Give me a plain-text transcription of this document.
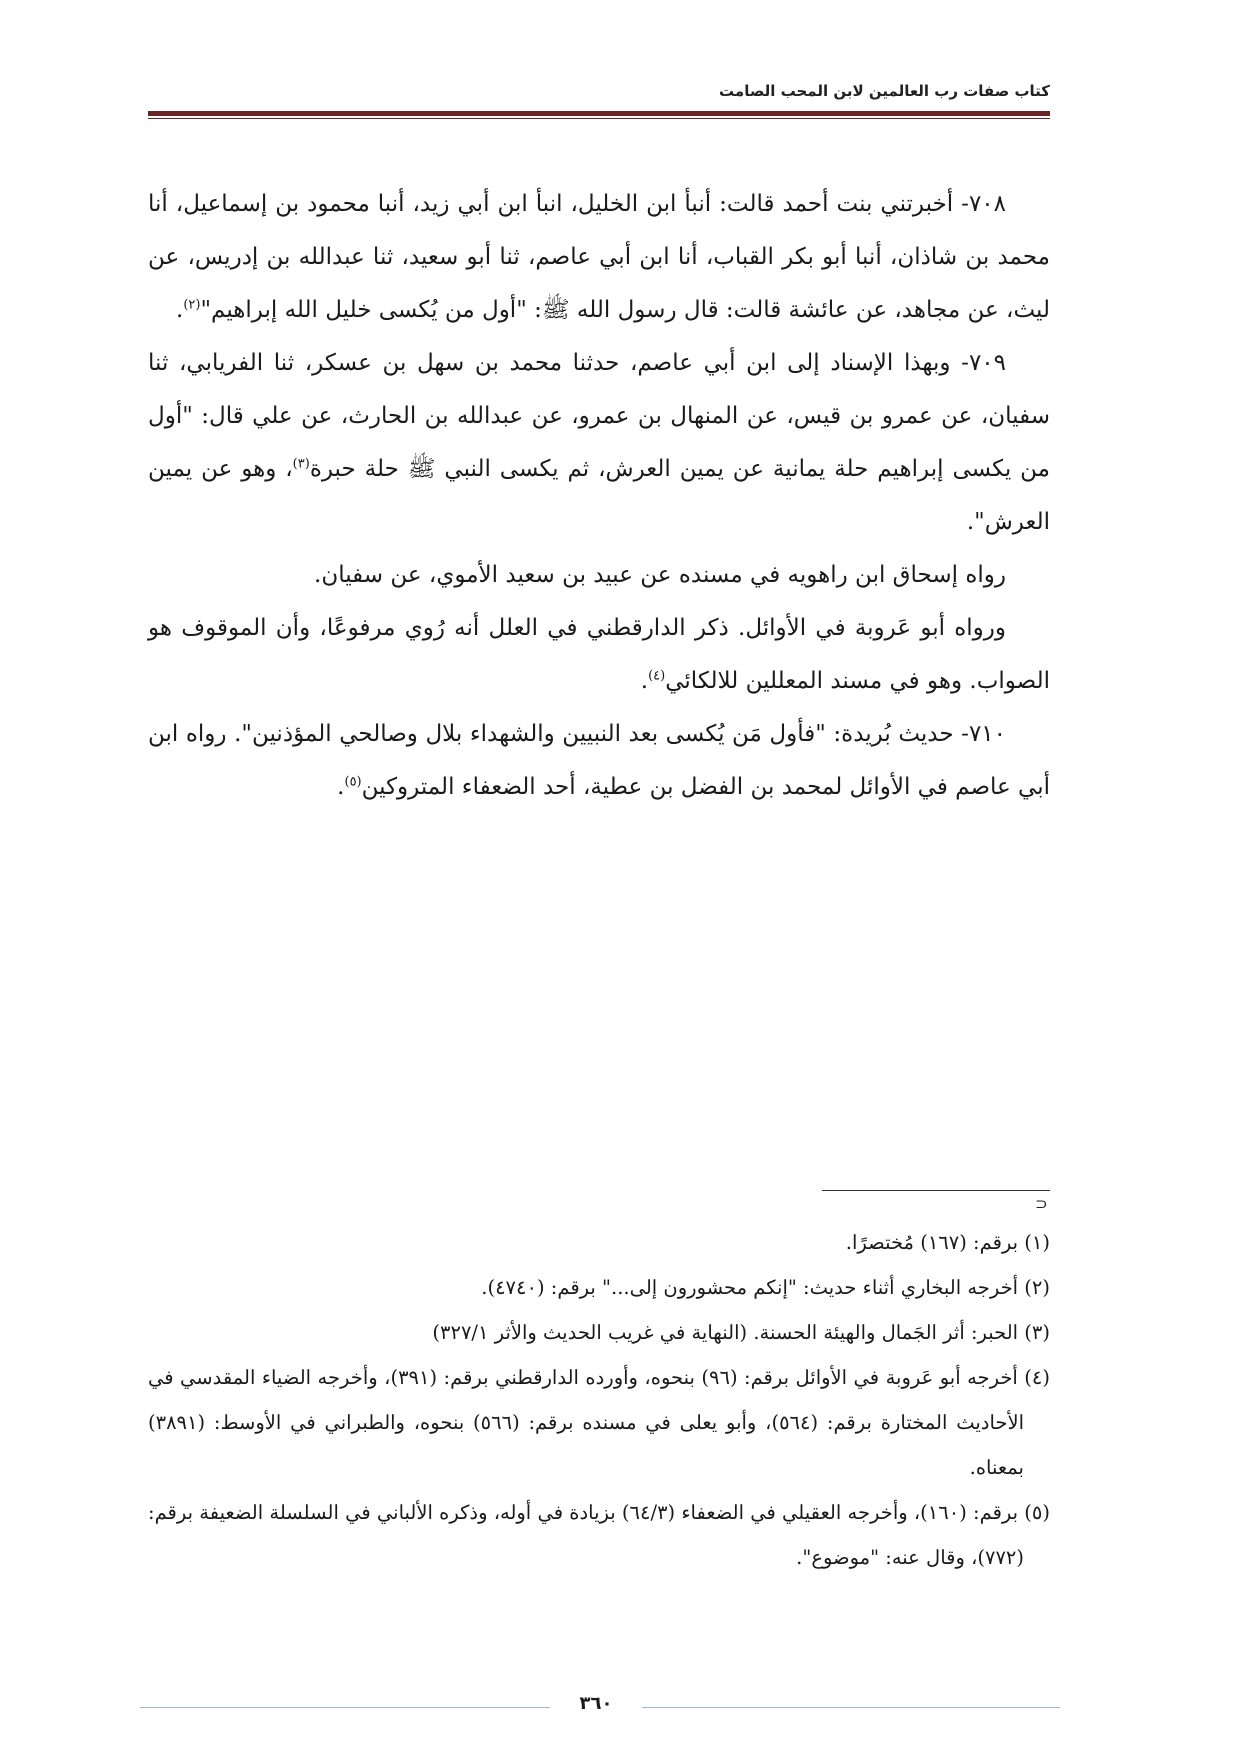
كتاب صفات رب العالمين لابن المحب الصامت

٧٠٨- أخبرتني بنت أحمد قالت: أنبأ ابن الخليل، انبأ ابن أبي زيد، أنبا محمود بن إسماعيل، أنا محمد بن شاذان، أنبا أبو بكر القباب، أنا ابن أبي عاصم، ثنا أبو سعيد، ثنا عبدالله بن إدريس، عن ليث، عن مجاهد، عن عائشة قالت: قال رسول الله ﷺ: "أول من يُكسى خليل الله إبراهيم"$^{(٢)}$.

٧٠٩- وبهذا الإسناد إلى ابن أبي عاصم، حدثنا محمد بن سهل بن عسكر، ثنا الفريابي، ثنا سفيان، عن عمرو بن قيس، عن المنهال بن عمرو، عن عبدالله بن الحارث، عن علي قال: "أول من يكسى إبراهيم حلة يمانية عن يمين العرش، ثم يكسى النبي ﷺ حلة حبرة$^{(٣)}$، وهو عن يمين العرش".

رواه إسحاق ابن راهويه في مسنده عن عبيد بن سعيد الأموي، عن سفيان.

ورواه أبو عَروبة في الأوائل. ذكر الدارقطني في العلل أنه رُوي مرفوعًا، وأن الموقوف هو الصواب. وهو في مسند المعللين للالكائي$^{(٤)}$.

٧١٠- حديث بُريدة: "فأول مَن يُكسى بعد النبيين والشهداء بلال وصالحي المؤذنين". رواه ابن أبي عاصم في الأوائل لمحمد بن الفضل بن عطية، أحد الضعفاء المتروكين$^{(٥)}$.

ﬤ
(١) برقم: (١٦٧) مُختصرًا.
(٢) أخرجه البخاري أثناء حديث: "إنكم محشورون إلى..." برقم: (٤٧٤٠).
(٣) الحبر: أثر الجَمال والهيئة الحسنة. (النهاية في غريب الحديث والأثر ٣٢٧/١)
(٤) أخرجه أبو عَروبة في الأوائل برقم: (٩٦) بنحوه، وأورده الدارقطني برقم: (٣٩١)، وأخرجه الضياء المقدسي في الأحاديث المختارة برقم: (٥٦٤)، وأبو يعلى في مسنده برقم: (٥٦٦) بنحوه، والطبراني في الأوسط: (٣٨٩١) بمعناه.
(٥) برقم: (١٦٠)، وأخرجه العقيلي في الضعفاء (٦٤/٣) بزيادة في أوله، وذكره الألباني في السلسلة الضعيفة برقم: (٧٧٢)، وقال عنه: "موضوع".
٣٦٠
